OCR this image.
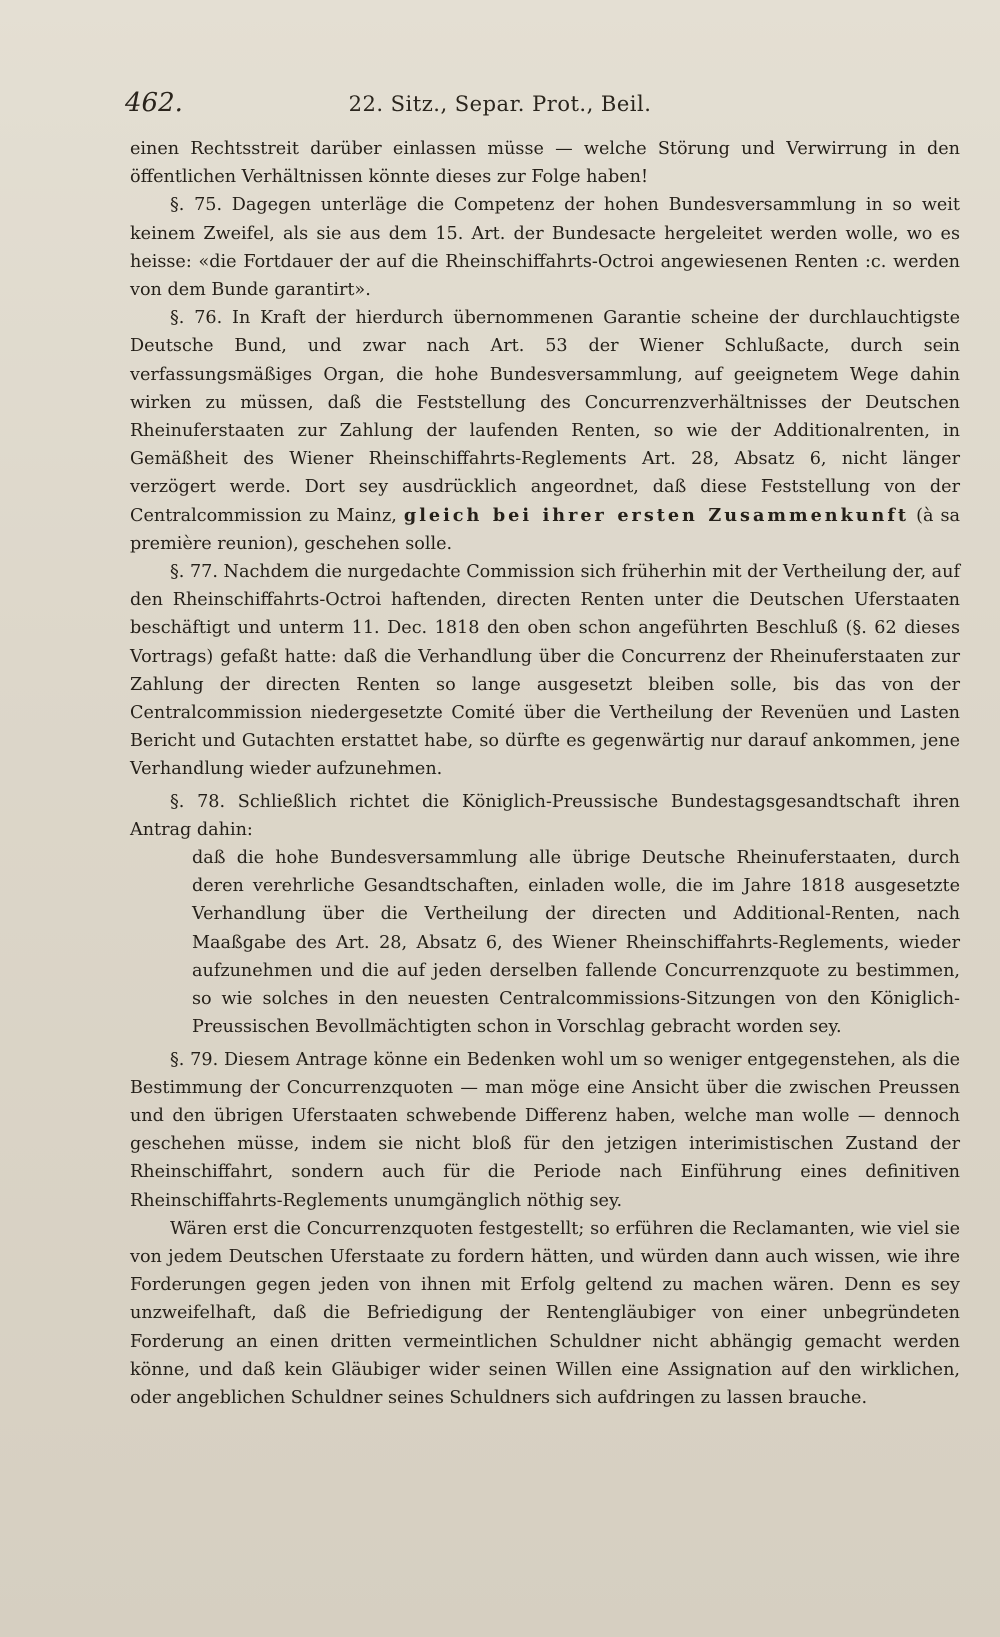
462.	22. Sitz., Separ. Prot., Beil.

einen Rechtsstreit darüber einlassen müsse — welche Störung und Verwirrung in den öffentlichen Verhältnissen könnte dieses zur Folge haben!

§. 75. Dagegen unterläge die Competenz der hohen Bundesversammlung in so weit keinem Zweifel, als sie aus dem 15. Art. der Bundesacte hergeleitet werden wolle, wo es heisse: «die Fortdauer der auf die Rheinschiffahrts-Octroi angewiesenen Renten :c. werden von dem Bunde garantirt».

§. 76. In Kraft der hierdurch übernommenen Garantie scheine der durchlauchtigste Deutsche Bund, und zwar nach Art. 53 der Wiener Schlußacte, durch sein verfassungsmäßiges Organ, die hohe Bundesversammlung, auf geeignetem Wege dahin wirken zu müssen, daß die Feststellung des Concurrenzverhältnisses der Deutschen Rheinuferstaaten zur Zahlung der laufenden Renten, so wie der Additionalrenten, in Gemäßheit des Wiener Rheinschiffahrts-Reglements Art. 28, Absatz 6, nicht länger verzögert werde. Dort sey ausdrücklich angeordnet, daß diese Feststellung von der Centralcommission zu Mainz, gleich bei ihrer ersten Zusammenkunft (à sa première reunion), geschehen solle.

§. 77. Nachdem die nurgedachte Commission sich früherhin mit der Vertheilung der, auf den Rheinschiffahrts-Octroi haftenden, directen Renten unter die Deutschen Uferstaaten beschäftigt und unterm 11. Dec. 1818 den oben schon angeführten Beschluß (§. 62 dieses Vortrags) gefaßt hatte: daß die Verhandlung über die Concurrenz der Rheinuferstaaten zur Zahlung der directen Renten so lange ausgesetzt bleiben solle, bis das von der Centralcommission niedergesetzte Comité über die Vertheilung der Revenüen und Lasten Bericht und Gutachten erstattet habe, so dürfte es gegenwärtig nur darauf ankommen, jene Verhandlung wieder aufzunehmen.

§. 78. Schließlich richtet die Königlich-Preussische Bundestagsgesandtschaft ihren Antrag dahin:

daß die hohe Bundesversammlung alle übrige Deutsche Rheinuferstaaten, durch deren verehrliche Gesandtschaften, einladen wolle, die im Jahre 1818 ausgesetzte Verhandlung über die Vertheilung der directen und Additional-Renten, nach Maaßgabe des Art. 28, Absatz 6, des Wiener Rheinschiffahrts-Reglements, wieder aufzunehmen und die auf jeden derselben fallende Concurrenzquote zu bestimmen, so wie solches in den neuesten Centralcommissions-Sitzungen von den Königlich-Preussischen Bevollmächtigten schon in Vorschlag gebracht worden sey.

§. 79. Diesem Antrage könne ein Bedenken wohl um so weniger entgegenstehen, als die Bestimmung der Concurrenzquoten — man möge eine Ansicht über die zwischen Preussen und den übrigen Uferstaaten schwebende Differenz haben, welche man wolle — dennoch geschehen müsse, indem sie nicht bloß für den jetzigen interimistischen Zustand der Rheinschiffahrt, sondern auch für die Periode nach Einführung eines definitiven Rheinschiffahrts-Reglements unumgänglich nöthig sey.

Wären erst die Concurrenzquoten festgestellt; so erführen die Reclamanten, wie viel sie von jedem Deutschen Uferstaate zu fordern hätten, und würden dann auch wissen, wie ihre Forderungen gegen jeden von ihnen mit Erfolg geltend zu machen wären. Denn es sey unzweifelhaft, daß die Befriedigung der Rentengläubiger von einer unbegründeten Forderung an einen dritten vermeintlichen Schuldner nicht abhängig gemacht werden könne, und daß kein Gläubiger wider seinen Willen eine Assignation auf den wirklichen, oder angeblichen Schuldner seines Schuldners sich aufdringen zu lassen brauche.
